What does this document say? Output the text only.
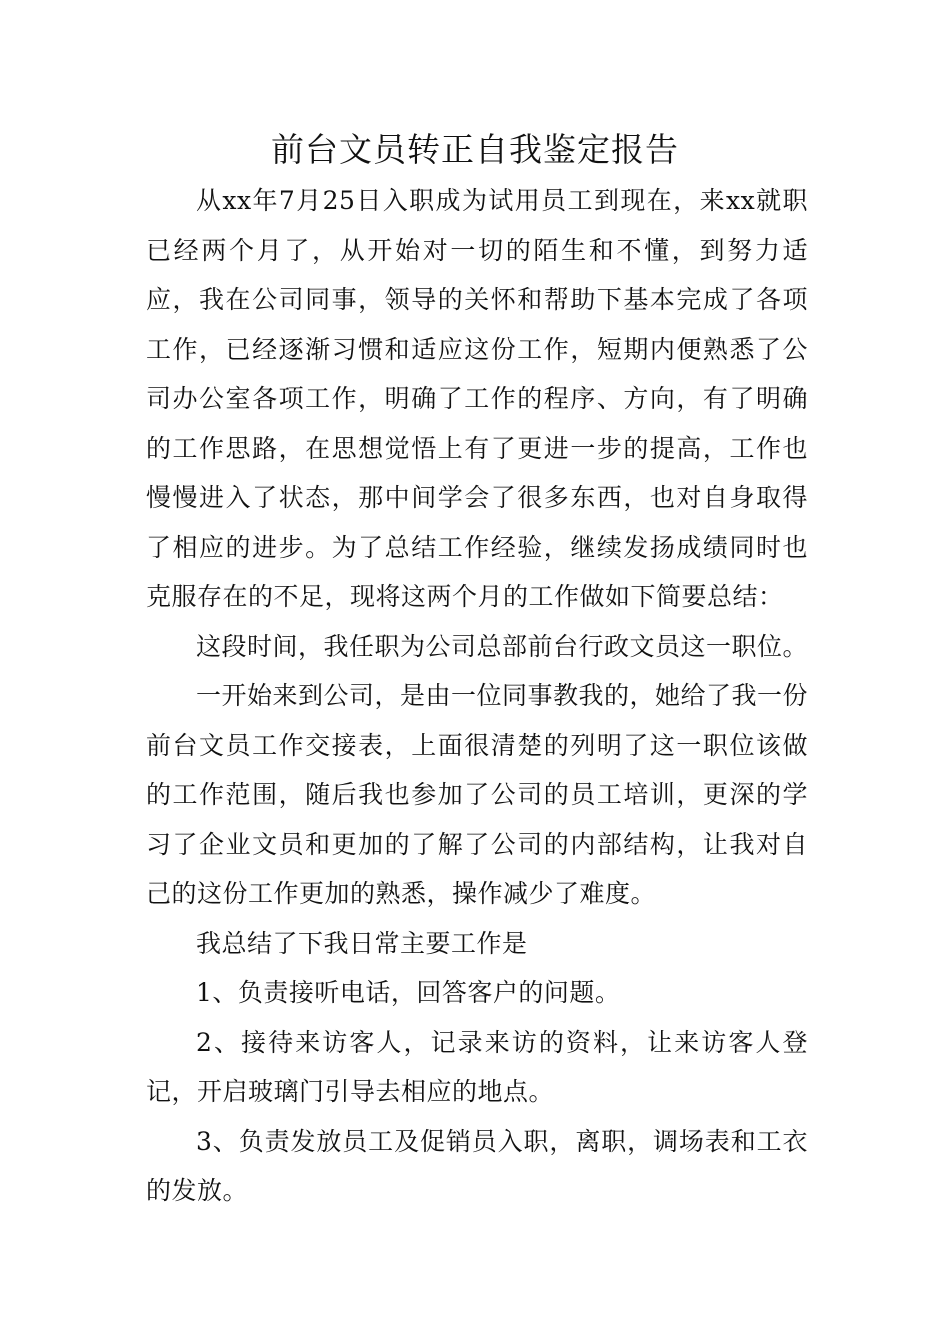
前台文员转正自我鉴定报告

从xx年7月25日入职成为试用员工到现在，来xx就职已经两个月了，从开始对一切的陌生和不懂，到努力适应，我在公司同事，领导的关怀和帮助下基本完成了各项工作，已经逐渐习惯和适应这份工作，短期内便熟悉了公司办公室各项工作，明确了工作的程序、方向，有了明确的工作思路，在思想觉悟上有了更进一步的提高，工作也慢慢进入了状态，那中间学会了很多东西，也对自身取得了相应的进步。为了总结工作经验，继续发扬成绩同时也克服存在的不足，现将这两个月的工作做如下简要总结：

这段时间，我任职为公司总部前台行政文员这一职位。

一开始来到公司，是由一位同事教我的，她给了我一份前台文员工作交接表，上面很清楚的列明了这一职位该做的工作范围，随后我也参加了公司的员工培训，更深的学习了企业文员和更加的了解了公司的内部结构，让我对自己的这份工作更加的熟悉，操作减少了难度。

我总结了下我日常主要工作是

1、负责接听电话，回答客户的问题。

2、接待来访客人，记录来访的资料，让来访客人登记，开启玻璃门引导去相应的地点。

3、负责发放员工及促销员入职，离职，调场表和工衣的发放。
